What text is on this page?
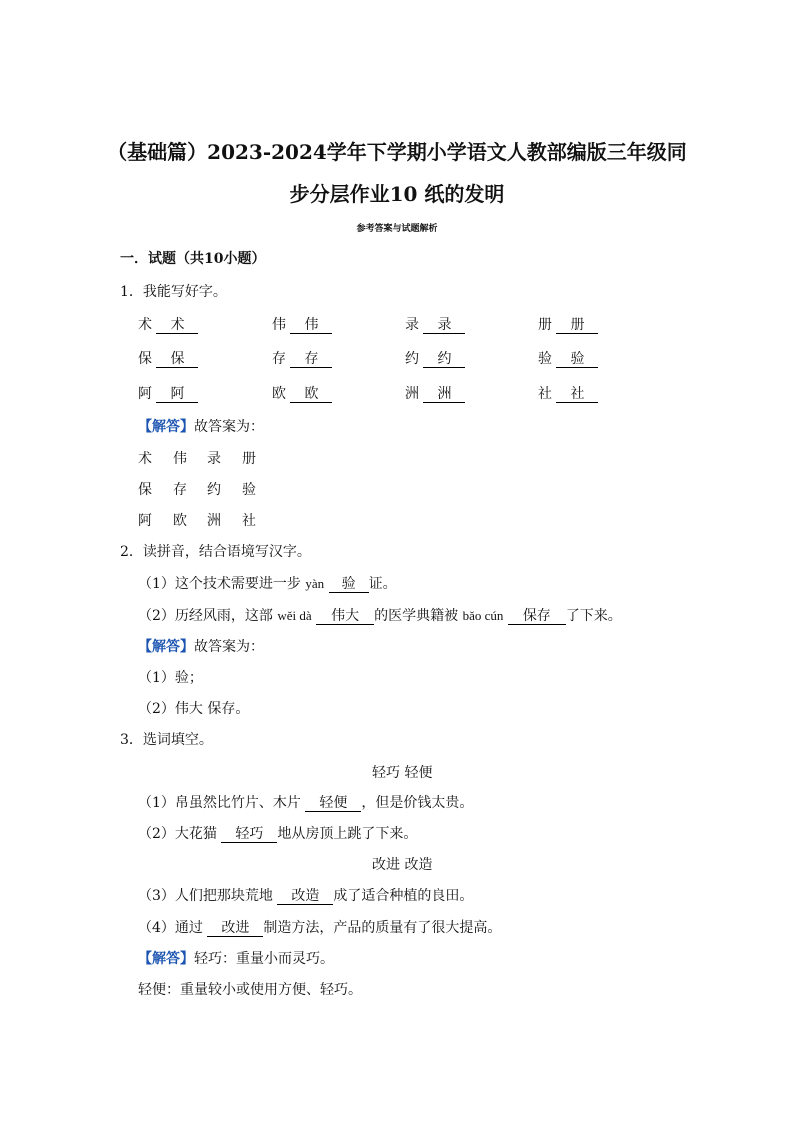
（基础篇）2023-2024学年下学期小学语文人教部编版三年级同
步分层作业10 纸的发明
参考答案与试题解析
一．试题（共10小题）
1．我能写好字。
术 术	伟 伟	录 录	册 册
保 保	存 存	约 约	验 验
阿 阿	欧 欧	洲 洲	社 社
【解答】故答案为：
术 伟 录 册
保 存 约 验
阿 欧 洲 社
2．读拼音，结合语境写汉字。
（1）这个技术需要进一步 yàn 验 证。
（2）历经风雨，这部 wěi dà 伟大 的医学典籍被 bǎo cún 保存 了下来。
【解答】故答案为：
（1）验；
（2）伟大 保存。
3．选词填空。
轻巧 轻便
（1）帛虽然比竹片、木片 轻便 ，但是价钱太贵。
（2）大花猫 轻巧 地从房顶上跳了下来。
改进 改造
（3）人们把那块荒地 改造 成了适合种植的良田。
（4）通过 改进 制造方法，产品的质量有了很大提高。
【解答】轻巧：重量小而灵巧。
轻便：重量较小或使用方便、轻巧。
